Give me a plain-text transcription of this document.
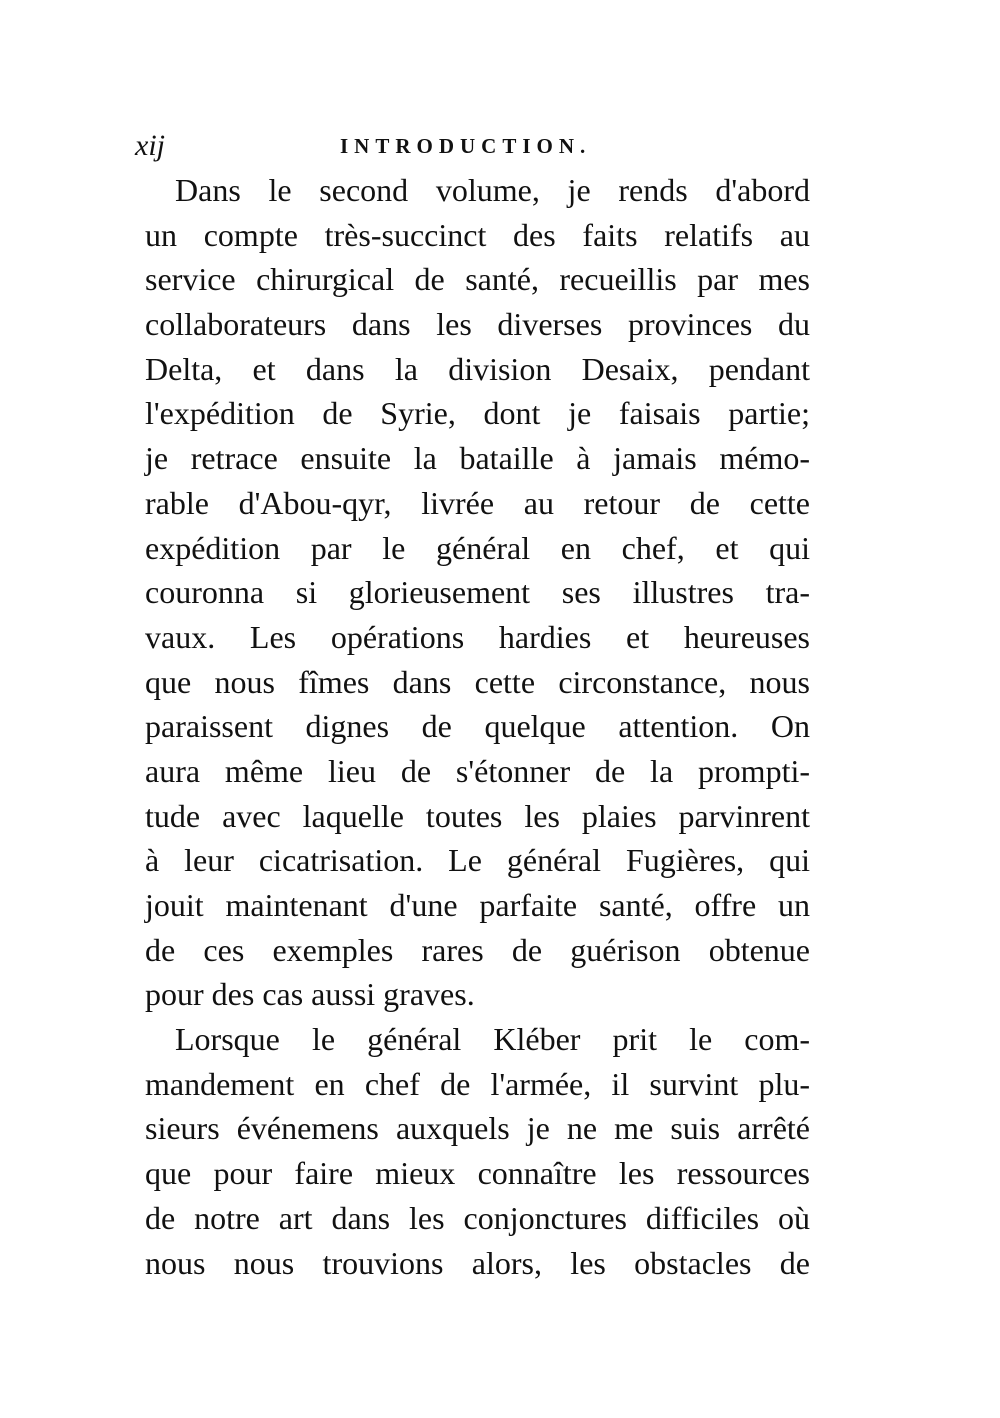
xij	INTRODUCTION.
Dans le second volume, je rends d'abord
un compte très-succinct des faits relatifs au
service chirurgical de santé, recueillis par mes
collaborateurs dans les diverses provinces du
Delta, et dans la division Desaix, pendant
l'expédition de Syrie, dont je faisais partie;
je retrace ensuite la bataille à jamais mémo-
rable d'Abou-qyr, livrée au retour de cette
expédition par le général en chef, et qui
couronna si glorieusement ses illustres tra-
vaux. Les opérations hardies et heureuses
que nous fîmes dans cette circonstance, nous
paraissent dignes de quelque attention. On
aura même lieu de s'étonner de la prompti-
tude avec laquelle toutes les plaies parvinrent
à leur cicatrisation. Le général Fugières, qui
jouit maintenant d'une parfaite santé, offre un
de ces exemples rares de guérison obtenue
pour des cas aussi graves.
Lorsque le général Kléber prit le com-
mandement en chef de l'armée, il survint plu-
sieurs événemens auxquels je ne me suis arrêté
que pour faire mieux connaître les ressources
de notre art dans les conjonctures difficiles où
nous nous trouvions alors, les obstacles de
